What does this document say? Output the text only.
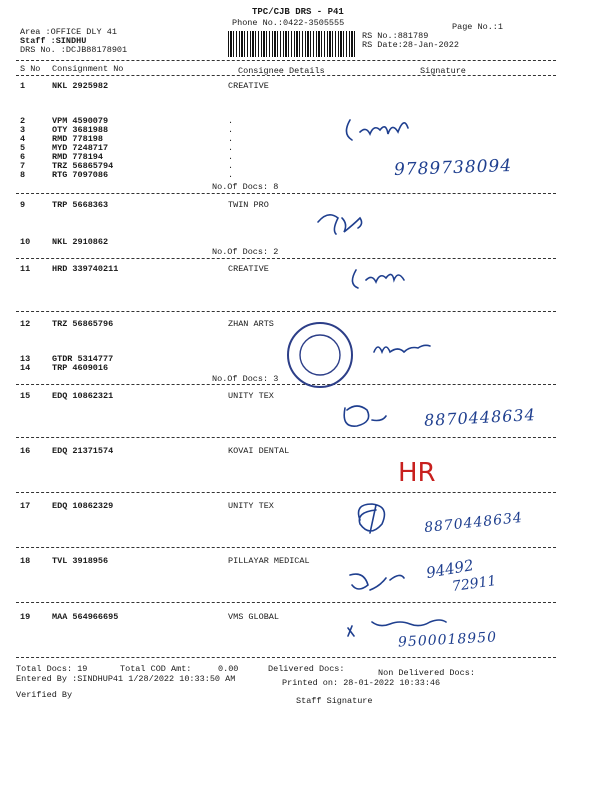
TPC/CJB DRS - P41
Phone No.:0422-3505555	Page No.:1
Area :OFFICE DLY 41
Staff :SINDHU
DRS No. :DCJB88178901
RS No.:881789
RS Date:28-Jan-2022
S No Consignment No	Consignee Details	Signature
1	NKL 2925982	CREATIVE
2	VPM 4590079	.
3	OTY 3681988	.
4	RMD 778198	.
5	MYD 7248717	.
6	RMD 778194	.
7	TRZ 56865794	.
8	RTG 7097086	.
No.Of Docs: 8
9	TRP 5668363	TWIN PRO
10	NKL 2910862
No.Of Docs: 2
11	HRD 339740211	CREATIVE
12	TRZ 56865796	ZHAN ARTS
13	GTDR 5314777
14	TRP 4609016
No.Of Docs: 3
15	EDQ 10862321	UNITY TEX
16	EDQ 21371574	KOVAI DENTAL
17	EDQ 10862329	UNITY TEX
18	TVL 3918956	PILLAYAR MEDICAL
19	MAA 564966695	VMS GLOBAL
Total Docs: 19	Total COD Amt:	0.00	Delivered Docs:	Non Delivered Docs:
Entered By :SINDHUP41 1/28/2022 10:33:50 AM	Printed on: 28-01-2022 10:33:46
Verified By
Staff Signature
9789738094
8870448634
HR
8870448634
94492
72911
9500018950
